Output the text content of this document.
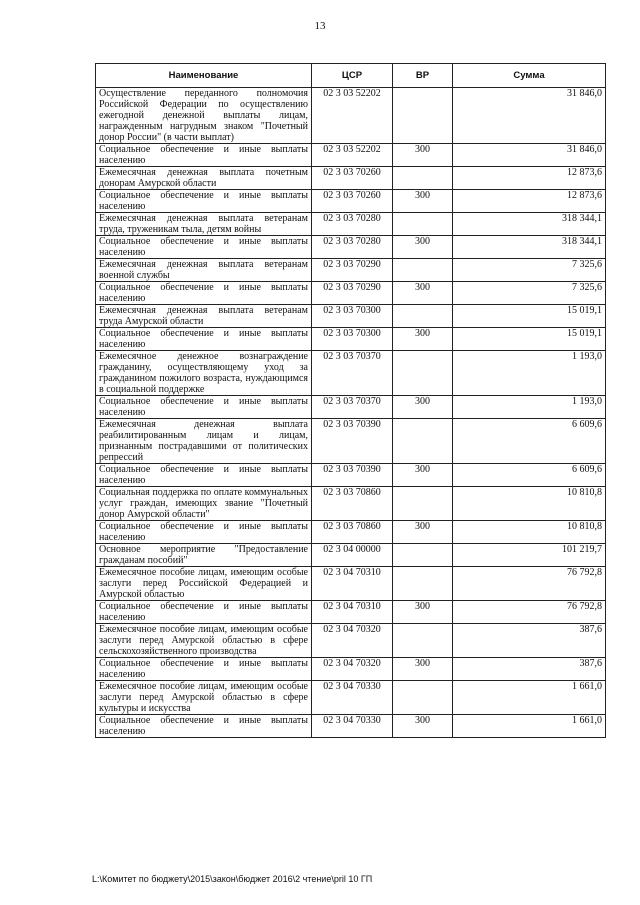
13
Наименование	ЦСР	ВР	Сумма
Осуществление переданного полномочия Российской Федерации по осуществлению ежегодной денежной выплаты лицам, награжденным нагрудным знаком "Почетный донор России" (в части выплат)	02 3 03 52202		31 846,0
Социальное обеспечение и иные выплаты населению	02 3 03 52202	300	31 846,0
Ежемесячная денежная выплата почетным донорам Амурской области	02 3 03 70260		12 873,6
Социальное обеспечение и иные выплаты населению	02 3 03 70260	300	12 873,6
Ежемесячная денежная выплата ветеранам труда, труженикам тыла, детям войны	02 3 03 70280		318 344,1
Социальное обеспечение и иные выплаты населению	02 3 03 70280	300	318 344,1
Ежемесячная денежная выплата ветеранам военной службы	02 3 03 70290		7 325,6
Социальное обеспечение и иные выплаты населению	02 3 03 70290	300	7 325,6
Ежемесячная денежная выплата ветеранам труда Амурской области	02 3 03 70300		15 019,1
Социальное обеспечение и иные выплаты населению	02 3 03 70300	300	15 019,1
Ежемесячное денежное вознаграждение гражданину, осуществляющему уход за гражданином пожилого возраста, нуждающимся в социальной поддержке	02 3 03 70370		1 193,0
Социальное обеспечение и иные выплаты населению	02 3 03 70370	300	1 193,0
Ежемесячная денежная выплата реабилитированным лицам и лицам, признанным пострадавшими от политических репрессий	02 3 03 70390		6 609,6
Социальное обеспечение и иные выплаты населению	02 3 03 70390	300	6 609,6
Социальная поддержка по оплате коммунальных услуг граждан, имеющих звание "Почетный донор Амурской области"	02 3 03 70860		10 810,8
Социальное обеспечение и иные выплаты населению	02 3 03 70860	300	10 810,8
Основное мероприятие "Предоставление гражданам пособий"	02 3 04 00000		101 219,7
Ежемесячное пособие лицам, имеющим особые заслуги перед Российской Федерацией и Амурской областью	02 3 04 70310		76 792,8
Социальное обеспечение и иные выплаты населению	02 3 04 70310	300	76 792,8
Ежемесячное пособие лицам, имеющим особые заслуги перед Амурской областью в сфере сельскохозяйственного производства	02 3 04 70320		387,6
Социальное обеспечение и иные выплаты населению	02 3 04 70320	300	387,6
Ежемесячное пособие лицам, имеющим особые заслуги перед Амурской областью в сфере культуры и искусства	02 3 04 70330		1 661,0
Социальное обеспечение и иные выплаты населению	02 3 04 70330	300	1 661,0
L:\Комитет по бюджету\2015\закон\бюджет 2016\2 чтение\pril 10 ГП
